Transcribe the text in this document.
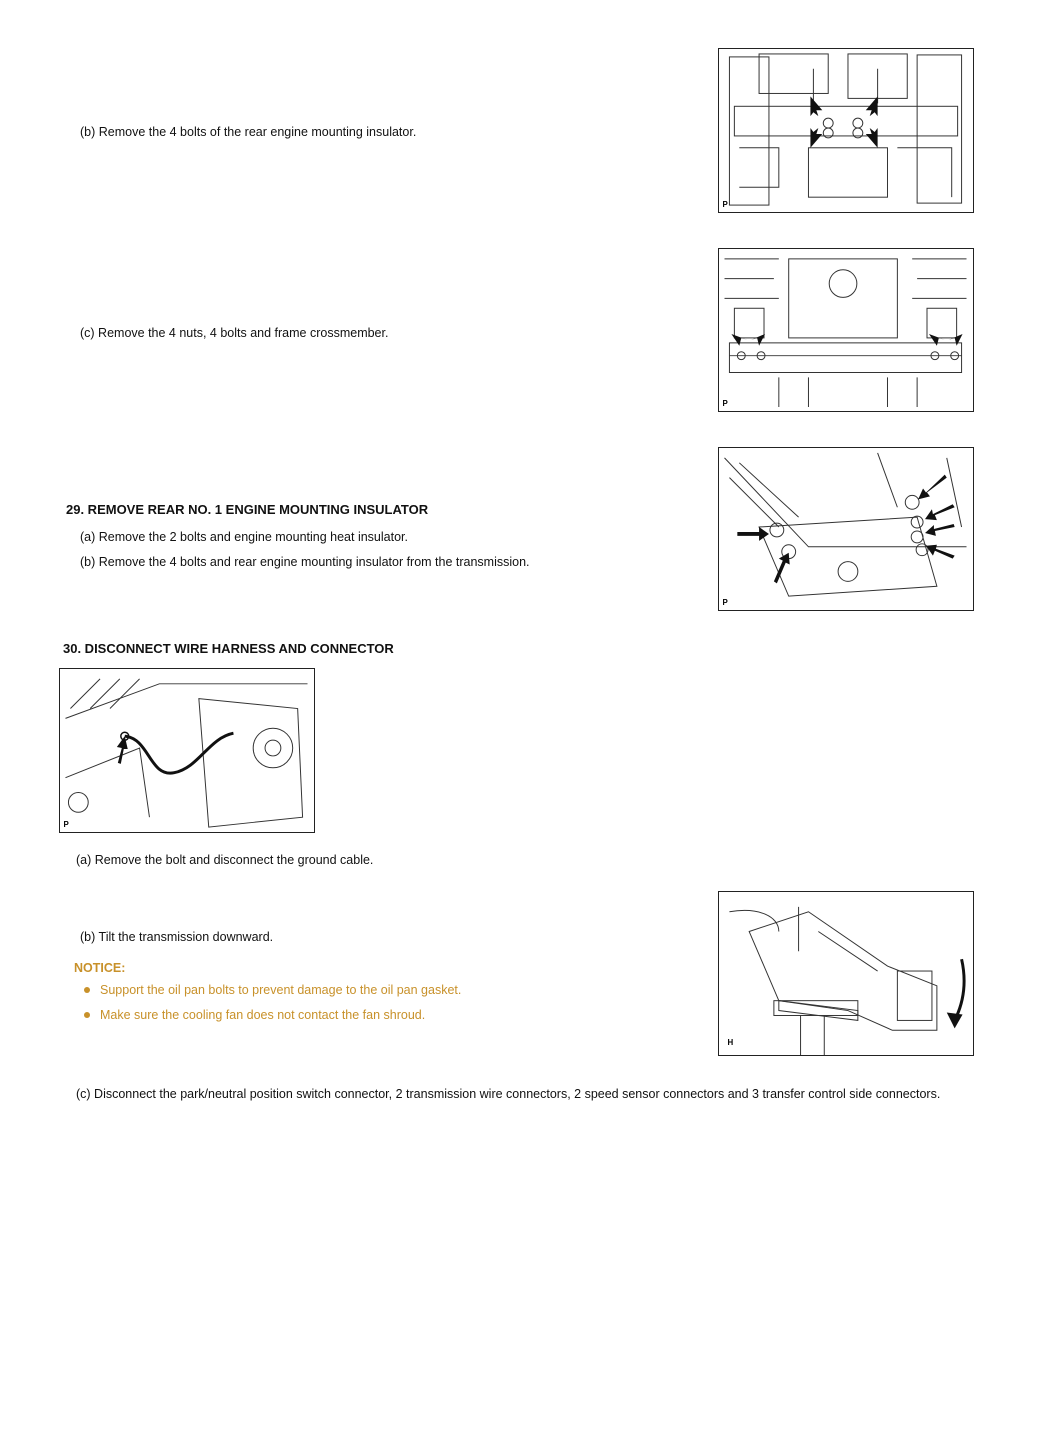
(b) Remove the 4 bolts of the rear engine mounting insulator.
P
(c) Remove the 4 nuts, 4 bolts and frame crossmember.
P
29. REMOVE REAR NO. 1 ENGINE MOUNTING INSULATOR
(a) Remove the 2 bolts and engine mounting heat insulator.
(b) Remove the 4 bolts and rear engine mounting insulator from the transmission.
P
30. DISCONNECT WIRE HARNESS AND CONNECTOR
P
(a) Remove the bolt and disconnect the ground cable.
(b) Tilt the transmission downward.
NOTICE:
Support the oil pan bolts to prevent damage to the oil pan gasket.
Make sure the cooling fan does not contact the fan shroud.
H
(c) Disconnect the park/neutral position switch connector, 2 transmission wire connectors, 2 speed sensor connectors and 3 transfer control side connectors.
